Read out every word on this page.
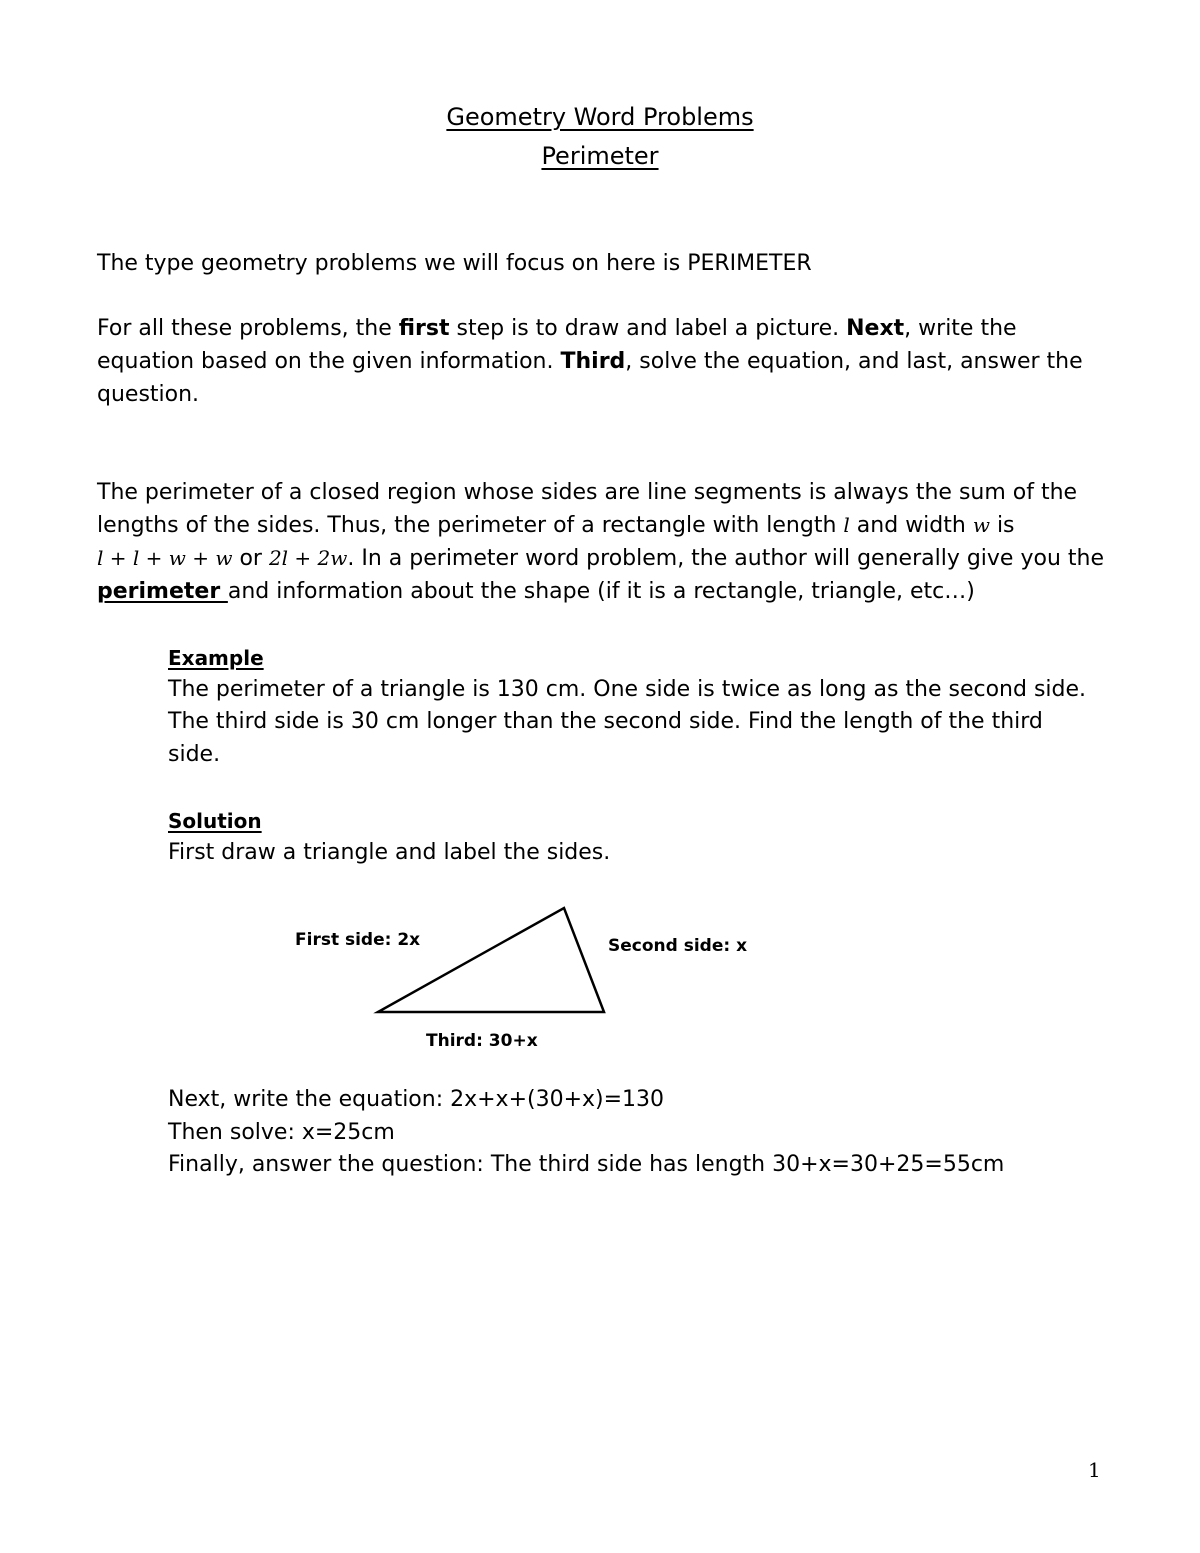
Geometry Word Problems

Perimeter

The type geometry problems we will focus on here is PERIMETER

For all these problems, the first step is to draw and label a picture. Next, write the

equation based on the given information. Third, solve the equation, and last, answer the

question.

The perimeter of a closed region whose sides are line segments is always the sum of the

lengths of the sides. Thus, the perimeter of a rectangle with length l and width w is

l + l + w + w or 2l + 2w. In a perimeter word problem, the author will generally give you the

perimeter and information about the shape (if it is a rectangle, triangle, etc…)

Example

The perimeter of a triangle is 130 cm. One side is twice as long as the second side.

The third side is 30 cm longer than the second side. Find the length of the third

side.

Solution

First draw a triangle and label the sides.

First side: 2x	Second side: x

Third: 30+x

Next, write the equation: 2x+x+(30+x)=130

Then solve: x=25cm

Finally, answer the question: The third side has length 30+x=30+25=55cm

1
